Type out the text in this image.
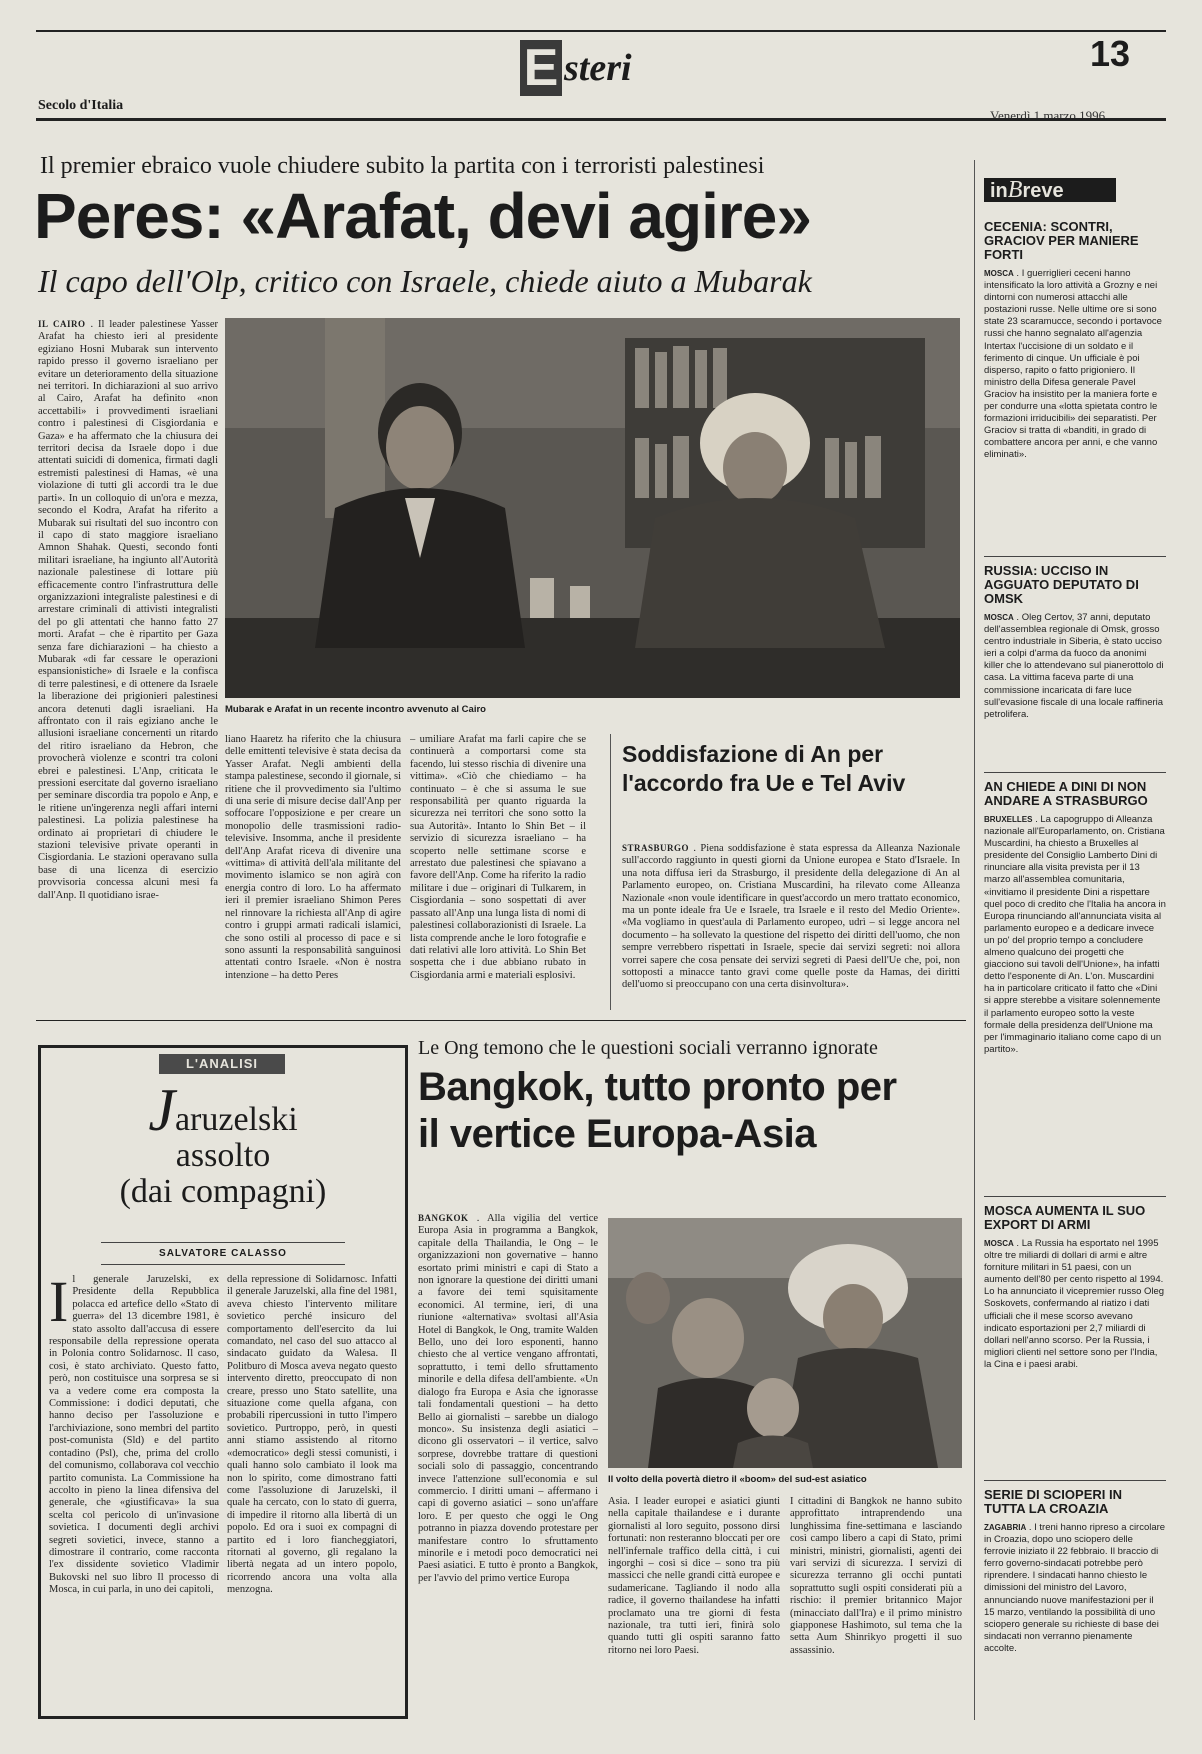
E steri	13
Secolo d'Italia
Venerdì 1 marzo 1996
Il premier ebraico vuole chiudere subito la partita con i terroristi palestinesi
Peres: «Arafat, devi agire»
Il capo dell'Olp, critico con Israele, chiede aiuto a Mubarak
Mubarak e Arafat in un recente incontro avvenuto al Cairo

IL CAIRO . Il leader palestinese Yasser Arafat ha chiesto ieri al presidente egiziano Hosni Mubarak sun intervento rapido presso il governo israeliano per evitare un deterioramento della situazione nei territori. In dichiarazioni al suo arrivo al Cairo, Arafat ha definito «non accettabili» i provvedimenti israeliani contro i palestinesi di Cisgiordania e Gaza» e ha affermato che la chiusura dei territori decisa da Israele dopo i due attentati suicidi di domenica, firmati dagli estremisti palestinesi di Hamas, «è una violazione di tutti gli accordi tra le due parti». In un colloquio di un'ora e mezza, secondo el Kodra, Arafat ha riferito a Mubarak sui risultati del suo incontro con il capo di stato maggiore israeliano Amnon Shahak. Questi, secondo fonti militari israeliane, ha ingiunto all'Autorità nazionale palestinese di lottare più efficacemente contro l'infrastruttura delle organizzazioni integraliste palestinesi e di arrestare criminali di attivisti integralisti del po gli attentati che hanno fatto 27 morti. Arafat – che è ripartito per Gaza senza fare dichiarazioni – ha chiesto a Mubarak «di far cessare le operazioni espansionistiche» di Israele e la confisca di terre palestinesi, e di ottenere da Israele la liberazione dei prigionieri palestinesi ancora detenuti dagli israeliani. Ha affrontato con il rais egiziano anche le allusioni israeliane concernenti un ritardo del ritiro israeliano da Hebron, che provocherà violenze e scontri tra coloni ebrei e palestinesi. L'Anp, criticata le pressioni esercitate dal governo israeliano per seminare discordia tra popolo e Anp, e le ritiene un'ingerenza negli affari interni palestinesi. La polizia palestinese ha ordinato ai proprietari di chiudere le stazioni televisive private operanti in Cisgiordania. Le stazioni operavano sulla base di una licenza di esercizio provvisoria concessa alcuni mesi fa dall'Anp. Il quotidiano israe-

liano Haaretz ha riferito che la chiusura delle emittenti televisive è stata decisa da Yasser Arafat. Negli ambienti della stampa palestinese, secondo il giornale, si ritiene che il provvedimento sia l'ultimo di una serie di misure decise dall'Anp per soffocare l'opposizione e per creare un monopolio delle trasmissioni radio-televisive. Insomma, anche il presidente dell'Anp Arafat riceva di divenire una «vittima» di attività dell'ala militante del movimento islamico se non agirà con energia contro di loro. Lo ha affermato ieri il premier israeliano Shimon Peres nel rinnovare la richiesta all'Anp di agire contro i gruppi armati radicali islamici, che sono ostili al processo di pace e si sono assunti la responsabilità sanguinosi attentati contro Israele. «Non è nostra intenzione – ha detto Peres

– umiliare Arafat ma farli capire che se continuerà a comportarsi come sta facendo, lui stesso rischia di divenire una vittima». «Ciò che chiediamo – ha continuato – è che si assuma le sue responsabilità per quanto riguarda la sicurezza nei territori che sono sotto la sua Autorità». Intanto lo Shin Bet – il servizio di sicurezza israeliano – ha scoperto nelle settimane scorse e arrestato due palestinesi che spiavano a favore dell'Anp. Come ha riferito la radio militare i due – originari di Tulkarem, in Cisgiordania – sono sospettati di aver passato all'Anp una lunga lista di nomi di palestinesi collaborazionisti di Israele. La lista comprende anche le loro fotografie e dati relativi alle loro attività. Lo Shin Bet sospetta che i due abbiano rubato in Cisgiordania armi e materiali esplosivi.

Soddisfazione di An per l'accordo fra Ue e Tel Aviv

STRASBURGO . Piena soddisfazione è stata espressa da Alleanza Nazionale sull'accordo raggiunto in questi giorni da Unione europea e Stato d'Israele. In una nota diffusa ieri da Strasburgo, il presidente della delegazione di An al Parlamento europeo, on. Cristiana Muscardini, ha rilevato come Alleanza Nazionale «non voule identificare in quest'accordo un mero trattato economico, ma un ponte ideale fra Ue e Israele, tra Israele e il resto del Medio Oriente». «Ma vogliamo in quest'aula di Parlamento europeo, udrì – si legge ancora nel documento – ha sollevato la questione del rispetto dei diritti dell'uomo, che non sempre verrebbero rispettati in Israele, specie dai servizi segreti: noi allora vorrei sapere che cosa pensate dei servizi segreti di Paesi dell'Ue che, poi, non sottoposti a minacce tanto gravi come quelle poste da Hamas, dei diritti dell'uomo si preoccupano con una certa disinvoltura».

L'ANALISI
Jaruzelski
assolto
(dai compagni)
SALVATORE CALASSO

Il generale Jaruzelski, ex Presidente della Repubblica polacca ed artefice dello «Stato di guerra» del 13 dicembre 1981, è stato assolto dall'accusa di essere responsabile della repressione operata in Polonia contro Solidarnosc. Il caso, così, è stato archiviato. Questo fatto, però, non costituisce una sorpresa se si va a vedere come era composta la Commissione: i dodici deputati, che hanno deciso per l'assoluzione e l'archiviazione, sono membri del partito post-comunista (Sld) e del partito contadino (Psl), che, prima del crollo del comunismo, collaborava col vecchio partito comunista. La Commissione ha accolto in pieno la linea difensiva del generale, che «giustificava» la sua scelta col pericolo di un'invasione sovietica. I documenti degli archivi segreti sovietici, invece, stanno a dimostrare il contrario, come racconta l'ex dissidente sovietico Vladimir Bukovski nel suo libro Il processo di Mosca, in cui parla, in uno dei capitoli,

della repressione di Solidarnosc. Infatti il generale Jaruzelski, alla fine del 1981, aveva chiesto l'intervento militare sovietico perché insicuro del comportamento dell'esercito da lui comandato, nel caso del suo attacco al sindacato guidato da Walesa. Il Politburo di Mosca aveva negato questo intervento diretto, preoccupato di non creare, presso uno Stato satellite, una situazione come quella afgana, con probabili ripercussioni in tutto l'impero sovietico. Purtroppo, però, in questi anni stiamo assistendo al ritorno «democratico» degli stessi comunisti, i quali hanno solo cambiato il look ma non lo spirito, come dimostrano fatti come l'assoluzione di Jaruzelski, il quale ha cercato, con lo stato di guerra, di impedire il ritorno alla libertà di un popolo. Ed ora i suoi ex compagni di partito ed i loro fiancheggiatori, ritornati al governo, gli regalano la libertà negata ad un intero popolo, ricorrendo ancora una volta alla menzogna.

Le Ong temono che le questioni sociali verranno ignorate
Bangkok, tutto pronto per il vertice Europa-Asia
Il volto della povertà dietro il «boom» del sud-est asiatico

BANGKOK . Alla vigilia del vertice Europa Asia in programma a Bangkok, capitale della Thailandia, le Ong – le organizzazioni non governative – hanno esortato primi ministri e capi di Stato a non ignorare la questione dei diritti umani a favore dei temi squisitamente economici. Al termine, ieri, di una riunione «alternativa» svoltasi all'Asia Hotel di Bangkok, le Ong, tramite Walden Bello, uno dei loro esponenti, hanno chiesto che al vertice vengano affrontati, soprattutto, i temi dello sfruttamento minorile e della difesa dell'ambiente. «Un dialogo fra Europa e Asia che ignorasse tali fondamentali questioni – ha detto Bello ai giornalisti – sarebbe un dialogo monco». Su insistenza degli asiatici – dicono gli osservatori – il vertice, salvo sorprese, dovrebbe trattare di questioni sociali solo di passaggio, concentrando invece l'attenzione sull'economia e sul commercio. I diritti umani – affermano i capi di governo asiatici – sono un'affare loro. E per questo che oggi le Ong potranno in piazza dovendo protestare per manifestare contro lo sfruttamento minorile e i metodi poco democratici nei Paesi asiatici. E tutto è pronto a Bangkok, per l'avvio del primo vertice Europa

Asia. I leader europei e asiatici giunti nella capitale thailandese e i durante giornalisti al loro seguito, possono dirsi fortunati: non resteranno bloccati per ore nell'infernale traffico della città, i cui ingorghi – così si dice – sono tra più massicci che nelle grandi città europee e sudamericane. Tagliando il nodo alla radice, il governo thailandese ha infatti proclamato una tre giorni di festa nazionale, tra tutti ieri, finirà solo quando tutti gli ospiti saranno fatto ritorno nei loro Paesi.

I cittadini di Bangkok ne hanno subito approfittato intraprendendo una lunghissima fine-settimana e lasciando così campo libero a capi di Stato, primi ministri, ministri, giornalisti, agenti dei vari servizi di sicurezza. I servizi di sicurezza terranno gli occhi puntati soprattutto sugli ospiti considerati più a rischio: il premier britannico Major (minacciato dall'Ira) e il primo ministro giapponese Hashimoto, sul tema che la setta Aum Shinrikyo progetti il suo assassinio.

inBreve
CECENIA: SCONTRI, GRACIOV PER MANIERE FORTI
MOSCA . I guerriglieri ceceni hanno intensificato la loro attività a Grozny e nei dintorni con numerosi attacchi alle postazioni russe. Nelle ultime ore si sono state 23 scaramucce, secondo i portavoce russi che hanno segnalato all'agenzia Intertax l'uccisione di un soldato e il ferimento di cinque. Un ufficiale è poi disperso, rapito o fatto prigioniero. Il ministro della Difesa generale Pavel Graciov ha insistito per la maniera forte e per condurre una «lotta spietata contro le formazioni irriducibili» dei separatisti. Per Graciov si tratta di «banditi, in grado di combattere ancora per anni, e che vanno eliminati».
RUSSIA: UCCISO IN AGGUATO DEPUTATO DI OMSK
MOSCA . Oleg Certov, 37 anni, deputato dell'assemblea regionale di Omsk, grosso centro industriale in Siberia, è stato ucciso ieri a colpi d'arma da fuoco da anonimi killer che lo attendevano sul pianerottolo di casa. La vittima faceva parte di una commissione incaricata di fare luce sull'evasione fiscale di una locale raffineria petrolifera.
AN CHIEDE A DINI DI NON ANDARE A STRASBURGO
BRUXELLES . La capogruppo di Alleanza nazionale all'Europarlamento, on. Cristiana Muscardini, ha chiesto a Bruxelles al presidente del Consiglio Lamberto Dini di rinunciare alla visita prevista per il 13 marzo all'assemblea comunitaria, «invitiamo il presidente Dini a rispettare quel poco di credito che l'Italia ha ancora in Europa rinunciando all'annunciata visita al parlamento europeo e a dedicare invece un po' del proprio tempo a concludere almeno qualcuno dei progetti che giacciono sui tavoli dell'Unione», ha infatti detto l'esponente di An. L'on. Muscardini ha in particolare criticato il fatto che «Dini si appre sterebbe a visitare solennemente il parlamento europeo sotto la veste formale della presidenza dell'Unione ma per l'immaginario italiano come capo di un partito».
MOSCA AUMENTA IL SUO EXPORT DI ARMI
MOSCA . La Russia ha esportato nel 1995 oltre tre miliardi di dollari di armi e altre forniture militari in 51 paesi, con un aumento dell'80 per cento rispetto al 1994. Lo ha annunciato il vicepremier russo Oleg Soskovets, confermando al riatizo i dati ufficiali che il mese scorso avevano indicato esportazioni per 2,7 miliardi di dollari nell'anno scorso. Per la Russia, i migliori clienti nel settore sono per l'India, la Cina e i paesi arabi.
SERIE DI SCIOPERI IN TUTTA LA CROAZIA
ZAGABRIA . I treni hanno ripreso a circolare in Croazia, dopo uno sciopero delle ferrovie iniziato il 22 febbraio. Il braccio di ferro governo-sindacati potrebbe però riprendere. I sindacati hanno chiesto le dimissioni del ministro del Lavoro, annunciando nuove manifestazioni per il 15 marzo, ventilando la possibilità di uno sciopero generale su richieste di base dei sindacati non verranno pienamente accolte.
